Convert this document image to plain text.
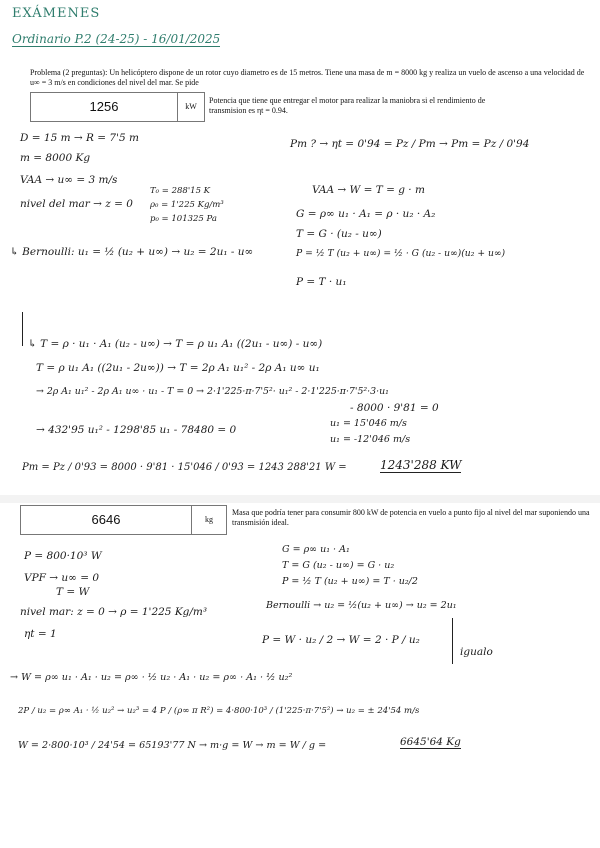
EXÁMENES
Ordinario P.2 (24-25) - 16/01/2025
Problema (2 preguntas): Un helicóptero dispone de un rotor cuyo diametro es de 15 metros. Tiene una masa de m = 8000 kg y realiza un vuelo de ascenso a una velocidad de u∞ = 3 m/s en condiciones del nivel del mar. Se pide
1256	kW
Potencia que tiene que entregar el motor para realizar la maniobra si el rendimiento de transmision es ηt = 0.94.
D = 15 m → R = 7'5 m
m = 8000 Kg
VAA → u∞ = 3 m/s
nivel del mar → z = 0
T₀ = 288'15 K
ρ₀ = 1'225 Kg/m³
p₀ = 101325 Pa
↳ Bernoulli: u₁ = ½ (u₂ + u∞) → u₂ = 2u₁ - u∞
Pm ? → ηt = 0'94 = Pz / Pm → Pm = Pz / 0'94
VAA → W = T = g · m
G = ρ∞ u₁ · A₁ = ρ · u₂ · A₂
T = G · (u₂ - u∞)
P = ½ T (u₂ + u∞) = ½ · G (u₂ - u∞)(u₂ + u∞)
P = T · u₁
↳ T = ρ · u₁ · A₁ (u₂ - u∞) → T = ρ u₁ A₁ ((2u₁ - u∞) - u∞)
T = ρ u₁ A₁ ((2u₁ - 2u∞)) → T = 2ρ A₁ u₁² - 2ρ A₁ u∞ u₁
→ 2ρ A₁ u₁² - 2ρ A₁ u∞ · u₁ - T = 0 → 2·1'225·π·7'5²· u₁² - 2·1'225·π·7'5²·3·u₁
- 8000 · 9'81 = 0
→ 432'95 u₁² - 1298'85 u₁ - 78480 = 0
u₁ = 15'046 m/s
u₁ = -12'046 m/s
Pm = Pz / 0'93 = 8000 · 9'81 · 15'046 / 0'93 = 1243 288'21 W =	1243'288 KW
6646	kg
Masa que podría tener para consumir 800 kW de potencia en vuelo a punto fijo al nivel del mar suponiendo una transmisión ideal.
P = 800·10³ W
VPF → u∞ = 0
T = W
nivel mar: z = 0 → ρ = 1'225 Kg/m³
ηt = 1
G = ρ∞ u₁ · A₁
T = G (u₂ - u∞) = G · u₂
P = ½ T (u₂ + u∞) = T · u₂/2
Bernoulli → u₂ = ½(u₂ + u∞) → u₂ = 2u₁
P = W · u₂ / 2 → W = 2 · P / u₂
igualo
→ W = ρ∞ u₁ · A₁ · u₂ = ρ∞ · ½ u₂ · A₁ · u₂ = ρ∞ · A₁ · ½ u₂²
2P / u₂ = ρ∞ A₁ · ½ u₂² → u₂³ = 4 P / (ρ∞ π R²) = 4·800·10³ / (1'225·π·7'5²) → u₂ = ± 24'54 m/s
W = 2·800·10³ / 24'54 = 65193'77 N → m·g = W → m = W / g =	6645'64 Kg
